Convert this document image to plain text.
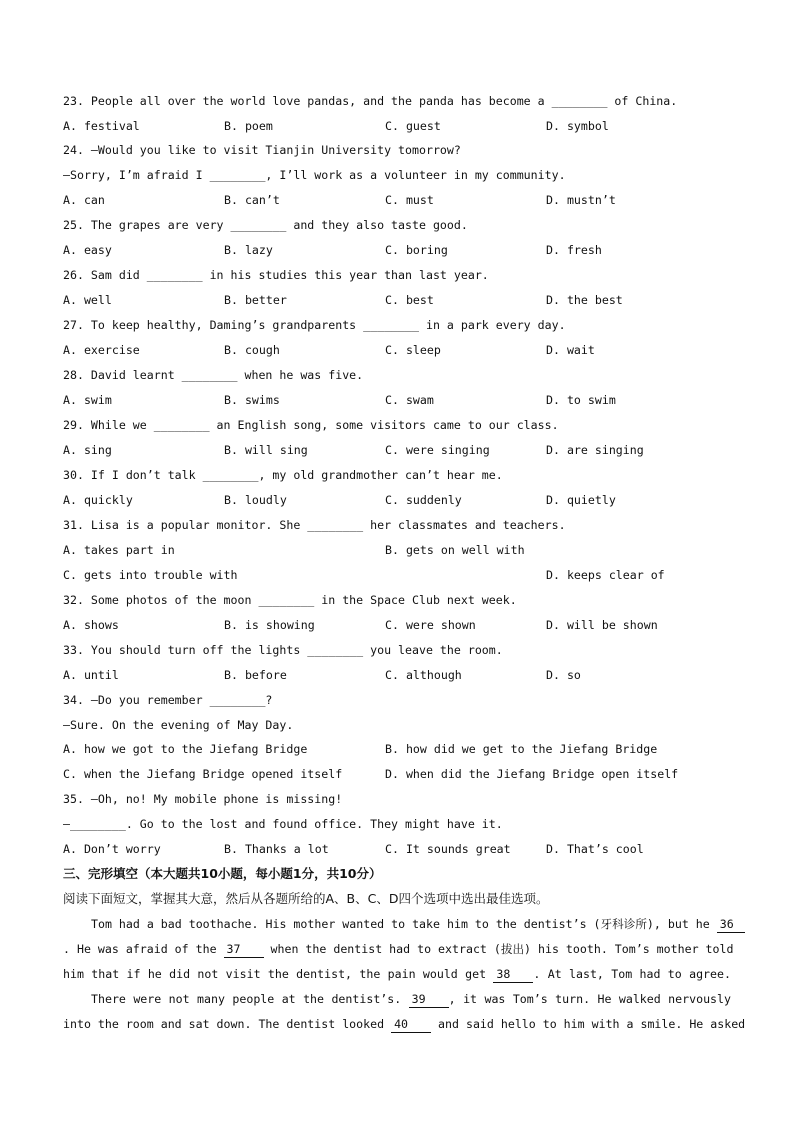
23. People all over the world love pandas, and the panda has become a ________ of China.
A. festival	B. poem	C. guest	D. symbol
24. —Would you like to visit Tianjin University tomorrow?
—Sorry, I’m afraid I ________, I’ll work as a volunteer in my community.
A. can	B. can’t	C. must	D. mustn’t
25. The grapes are very ________ and they also taste good.
A. easy	B. lazy	C. boring	D. fresh
26. Sam did ________ in his studies this year than last year.
A. well	B. better	C. best	D. the best
27. To keep healthy, Daming’s grandparents ________ in a park every day.
A. exercise	B. cough	C. sleep	D. wait
28. David learnt ________ when he was five.
A. swim	B. swims	C. swam	D. to swim
29. While we ________ an English song, some visitors came to our class.
A. sing	B. will sing	C. were singing	D. are singing
30. If I don’t talk ________, my old grandmother can’t hear me.
A. quickly	B. loudly	C. suddenly	D. quietly
31. Lisa is a popular monitor. She ________ her classmates and teachers.
A. takes part in	B. gets on well with
C. gets into trouble with	D. keeps clear of
32. Some photos of the moon ________ in the Space Club next week.
A. shows	B. is showing	C. were shown	D. will be shown
33. You should turn off the lights ________ you leave the room.
A. until	B. before	C. although	D. so
34. —Do you remember ________?
—Sure. On the evening of May Day.
A. how we got to the Jiefang Bridge	B. how did we get to the Jiefang Bridge
C. when the Jiefang Bridge opened itself	D. when did the Jiefang Bridge open itself
35. —Oh, no! My mobile phone is missing!
—________. Go to the lost and found office. They might have it.
A. Don’t worry	B. Thanks a lot	C. It sounds great	D. That’s cool
三、完形填空（本大题共10小题，每小题1分，共10分）
阅读下面短文，掌握其大意，然后从各题所给的A、B、C、D四个选项中选出最佳选项。
Tom had a bad toothache. His mother wanted to take him to the dentist’s (牙科诊所), but he 36
. He was afraid of the 37 when the dentist had to extract (拔出) his tooth. Tom’s mother told
him that if he did not visit the dentist, the pain would get 38 . At last, Tom had to agree.
There were not many people at the dentist’s. 39 , it was Tom’s turn. He walked nervously
into the room and sat down. The dentist looked 40 and said hello to him with a smile. He asked
